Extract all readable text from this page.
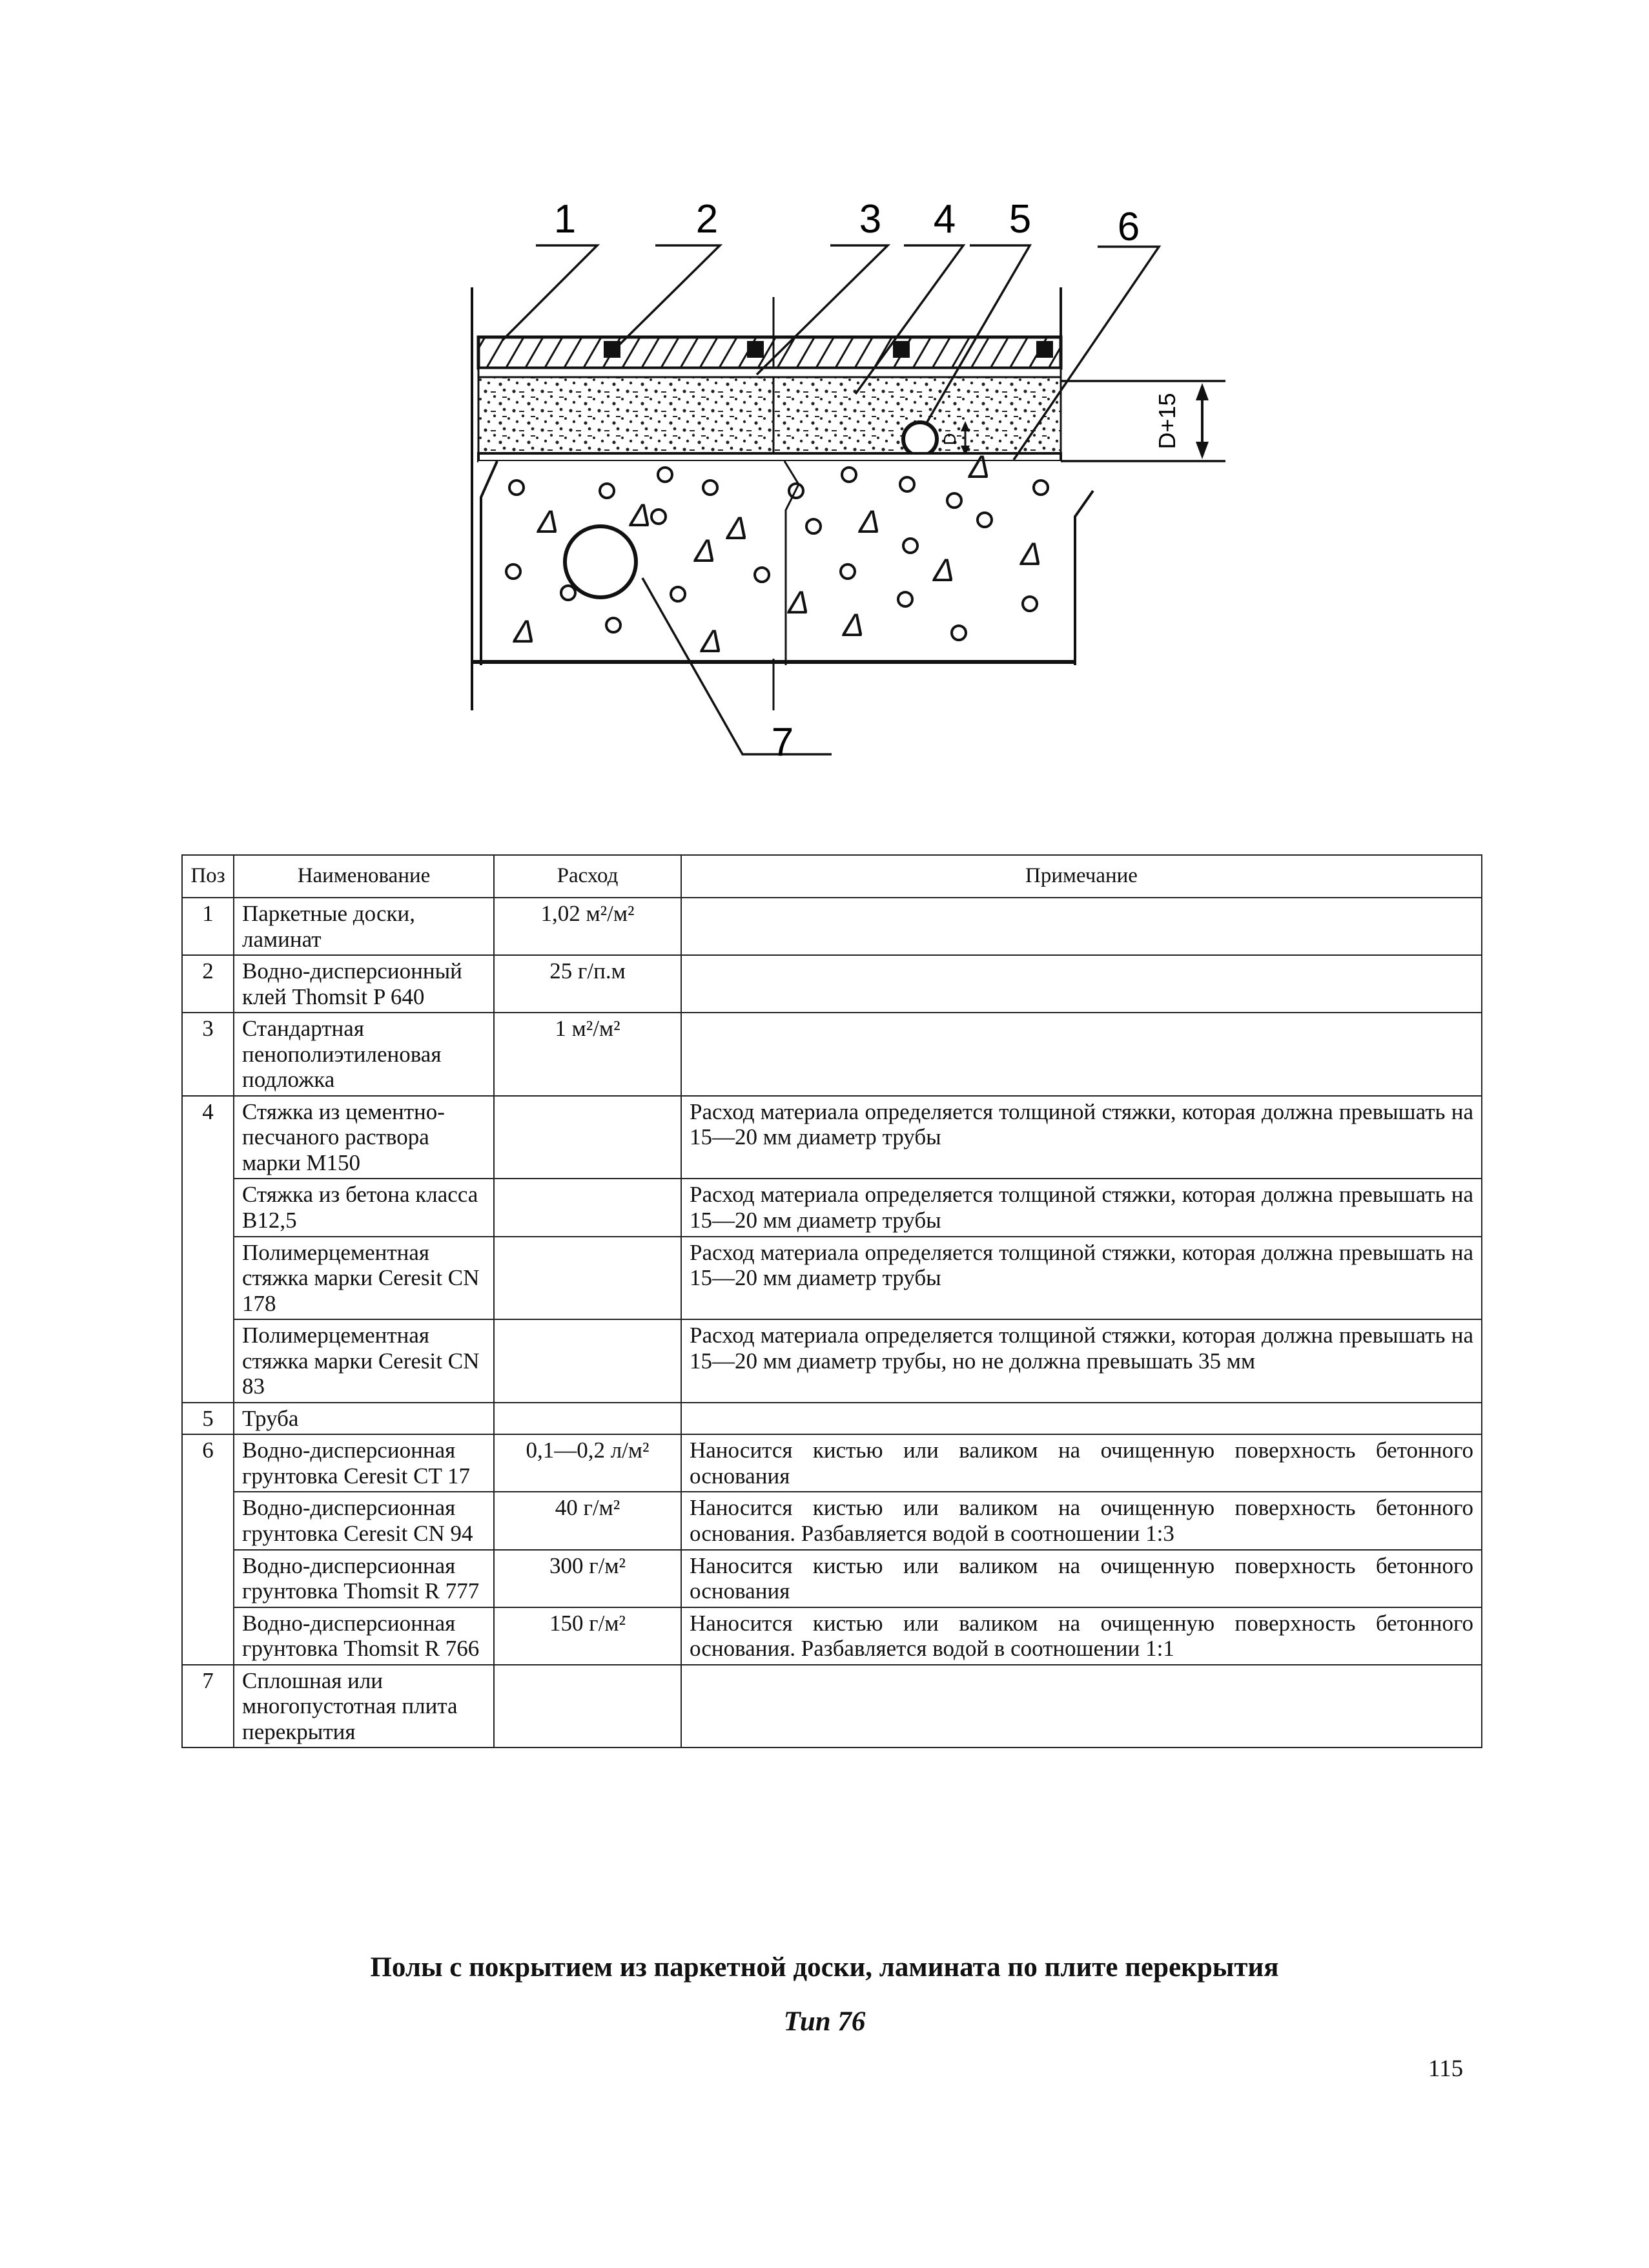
Δ Δ
Δ
Δ	Δ
Δ
Δ
Δ
Δ
Δ	Δ
Δ
1	2	3 4 5 6
7
D+15
D
Поз	Наименование	Расход	Примечание
1	Паркетные доски, ламинат	1,02 м²/м²	
2	Водно-дисперсионный клей Thomsit P 640	25 г/п.м	
3	Стандартная пенополиэтиленовая подложка	1 м²/м²	
4	Стяжка из цементно-песчаного раствора марки М150		Расход материала определяется толщиной стяжки, которая должна превышать на 15—20 мм диаметр трубы
	Стяжка из бетона класса B12,5		Расход материала определяется толщиной стяжки, которая должна превышать на 15—20 мм диаметр трубы
	Полимерцементная стяжка марки Ceresit CN 178		Расход материала определяется толщиной стяжки, которая должна превышать на 15—20 мм диаметр трубы
	Полимерцементная стяжка марки Ceresit CN 83		Расход материала определяется толщиной стяжки, которая должна превышать на 15—20 мм диаметр трубы, но не должна превышать 35 мм
5	Труба		
6	Водно-дисперсионная грунтовка Ceresit CT 17	0,1—0,2 л/м²	Наносится кистью или валиком на очищенную поверхность бетонного основания
	Водно-дисперсионная грунтовка Ceresit CN 94	40 г/м²	Наносится кистью или валиком на очищенную поверхность бетонного основания. Разбавляется водой в соотношении 1:3
	Водно-дисперсионная грунтовка Thomsit R 777	300 г/м²	Наносится кистью или валиком на очищенную поверхность бетонного основания
	Водно-дисперсионная грунтовка Thomsit R 766	150 г/м²	Наносится кистью или валиком на очищенную поверхность бетонного основания. Разбавляется водой в соотношении 1:1
7	Сплошная или многопустотная плита перекрытия		
Полы с покрытием из паркетной доски, ламината по плите перекрытия
Тип 76
115
